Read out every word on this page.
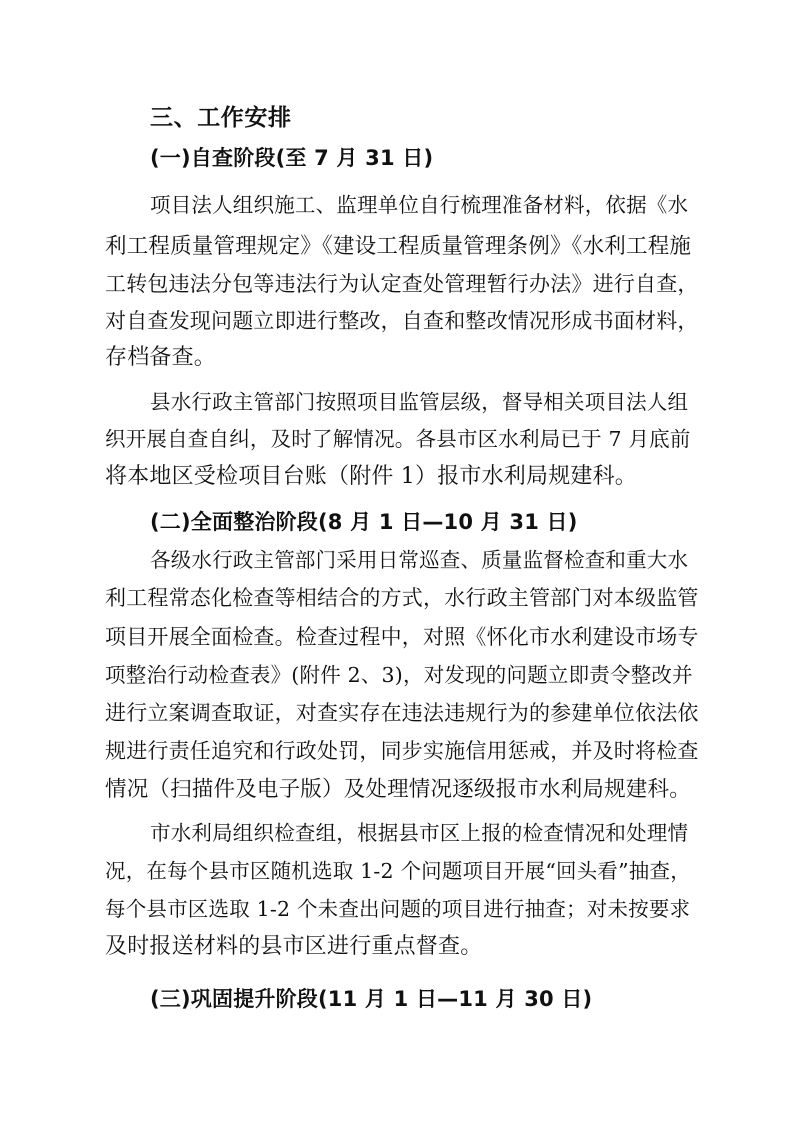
三、工作安排
(一)自查阶段(至 7 月 31 日)
项目法人组织施工、监理单位自行梳理准备材料，依据《水
利工程质量管理规定》《建设工程质量管理条例》《水利工程施
工转包违法分包等违法行为认定查处管理暂行办法》进行自查，
对自查发现问题立即进行整改，自查和整改情况形成书面材料，
存档备查。
县水行政主管部门按照项目监管层级，督导相关项目法人组
织开展自查自纠，及时了解情况。各县市区水利局已于 7 月底前
将本地区受检项目台账（附件 1）报市水利局规建科。
(二)全面整治阶段(8 月 1 日—10 月 31 日)
各级水行政主管部门采用日常巡查、质量监督检查和重大水
利工程常态化检查等相结合的方式，水行政主管部门对本级监管
项目开展全面检查。检查过程中，对照《怀化市水利建设市场专
项整治行动检查表》(附件 2、3)，对发现的问题立即责令整改并
进行立案调查取证，对查实存在违法违规行为的参建单位依法依
规进行责任追究和行政处罚，同步实施信用惩戒，并及时将检查
情况（扫描件及电子版）及处理情况逐级报市水利局规建科。
市水利局组织检查组，根据县市区上报的检查情况和处理情
况，在每个县市区随机选取 1-2 个问题项目开展“回头看”抽查，
每个县市区选取 1-2 个未查出问题的项目进行抽查；对未按要求
及时报送材料的县市区进行重点督查。
(三)巩固提升阶段(11 月 1 日—11 月 30 日)
